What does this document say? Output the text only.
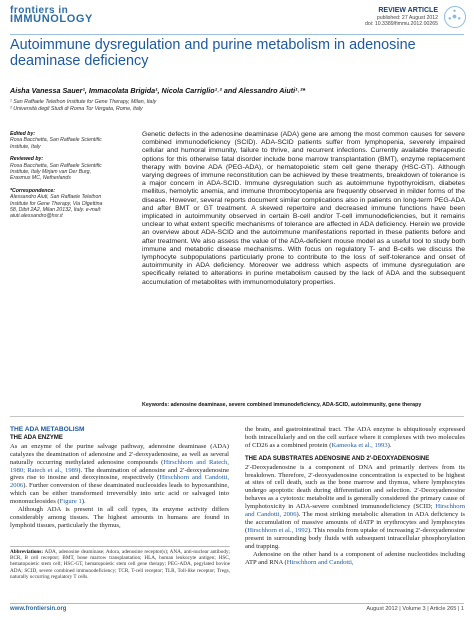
frontiers in
IMMUNOLOGY
REVIEW ARTICLE
published: 27 August 2012
doi: 10.3389/fimmu.2012.00265
Autoimmune dysregulation and purine metabolism in adenosine deaminase deficiency
Aisha Vanessa Sauer¹, Immacolata Brigida¹, Nicola Carriglio¹˒² and Alessandro Aiuti¹˒²*
¹ San Raffaele Telethon Institute for Gene Therapy, Milan, Italy
² Università degli Studi di Roma Tor Vergata, Rome, Italy
Edited by:
Rosa Bacchetta, San Raffaele Scientific Institute, Italy
Reviewed by:
Rosa Bacchetta, San Raffaele Scientific Institute, Italy Mirjam van Der Burg, Erasmus MC, Netherlands
*Correspondence:
Alessandro Aiuti, San Raffaele Telethon Institute for Gene Therapy, Via Olgettina 58, Dibit 2A2, Milan 20132, Italy. e-mail: aiuti.alessandro@hsr.it
Genetic defects in the adenosine deaminase (ADA) gene are among the most common causes for severe combined immunodeficiency (SCID). ADA-SCID patients suffer from lymphopenia, severely impaired cellular and humoral immunity, failure to thrive, and recurrent infections. Currently available therapeutic options for this otherwise fatal disorder include bone marrow transplantation (BMT), enzyme replacement therapy with bovine ADA (PEG-ADA), or hematopoietic stem cell gene therapy (HSC-GT). Although varying degrees of immune reconstitution can be achieved by these treatments, breakdown of tolerance is a major concern in ADA-SCID. Immune dysregulation such as autoimmune hypothyroidism, diabetes mellitus, hemolytic anemia, and immune thrombocytopenia are frequently observed in milder forms of the disease. However, several reports document similar complications also in patients on long-term PEG-ADA and after BMT or GT treatment. A skewed repertoire and decreased immune functions have been implicated in autoimmunity observed in certain B-cell and/or T-cell immunodeficiencies, but it remains unclear to what extent specific mechanisms of tolerance are affected in ADA deficiency. Herein we provide an overview about ADA-SCID and the autoimmune manifestations reported in these patients before and after treatment. We also assess the value of the ADA-deficient mouse model as a useful tool to study both immune and metabolic disease mechanisms. With focus on regulatory T- and B-cells we discuss the lymphocyte subpopulations particularly prone to contribute to the loss of self-tolerance and onset of autoimmunity in ADA deficiency. Moreover we address which aspects of immune dysregulation are specifically related to alterations in purine metabolism caused by the lack of ADA and the subsequent accumulation of metabolites with immunomodulatory properties.
Keywords: adenosine deaminase, severe combined immunodeficiency, ADA-SCID, autoimmunity, gene therapy
THE ADA METABOLISM
THE ADA ENZYME
As an enzyme of the purine salvage pathway, adenosine deaminase (ADA) catalyzes the deamination of adenosine and 2′-deoxyadenosine, as well as several naturally occurring methylated adenosine compounds (Hirschhorn and Ratech, 1980; Ratech et al., 1989). The deamination of adenosine and 2′-deoxyadenosine gives rise to inosine and deoxyinosine, respectively (Hirschhorn and Candotti, 2006). Further conversion of these deaminated nucleosides leads to hypoxanthine, which can be either transformed irreversibly into uric acid or salvaged into mononucleosides (Figure 1).
Although ADA is present in all cell types, its enzyme activity differs considerably among tissues. The highest amounts in humans are found in lymphoid tissues, particularly the thymus,
the brain, and gastrointestinal tract. The ADA enzyme is ubiquitously expressed both intracellularly and on the cell surface where it complexes with two molecules of CD26 as a combined protein (Kameoka et al., 1993).
THE ADA SUBSTRATES ADENOSINE AND 2′-DEOXYADENOSINE
2′-Deoxyadenosine is a component of DNA and primarily derives from its breakdown. Therefore, 2′-deoxyadenosine concentration is expected to be highest at sites of cell death, such as the bone marrow and thymus, where lymphocytes undergo apoptotic death during differentiation and selection. 2′-Deoxyadenosine behaves as a cytotoxic metabolite and is generally considered the primary cause of lymphotoxicity in ADA-severe combined immunodeficiency (SCID; Hirschhorn and Candotti, 2006). The most striking metabolic alteration in ADA deficiency is the accumulation of massive amounts of dATP in erythrocytes and lymphocytes (Hirschhorn et al., 1992). This results from uptake of increasing 2′-deoxyadenosine present in surrounding body fluids with subsequent intracellular phosphorylation and trapping.
Adenosine on the other hand is a component of adenine nucleotides including ATP and RNA (Hirschhorn and Candotti,
Abbreviations: ADA, adenosine deaminase; Adora, adenosine receptor(s); ANA, anti-nuclear antibody; BCR, B cell receptor; BMT, bone marrow transplantation; HLA, human leukocyte antigen; HSC, hematopoietic stem cell; HSC-GT, hematopoietic stem cell gene therapy; PEG-ADA, pegylated bovine ADA; SCID, severe combined immunodeficiency; TCR, T-cell receptor; TLR, Toll-like receptor; Tregs, naturally occurring regulatory T cells.
www.frontiersin.org	August 2012 | Volume 3 | Article 265 | 1
